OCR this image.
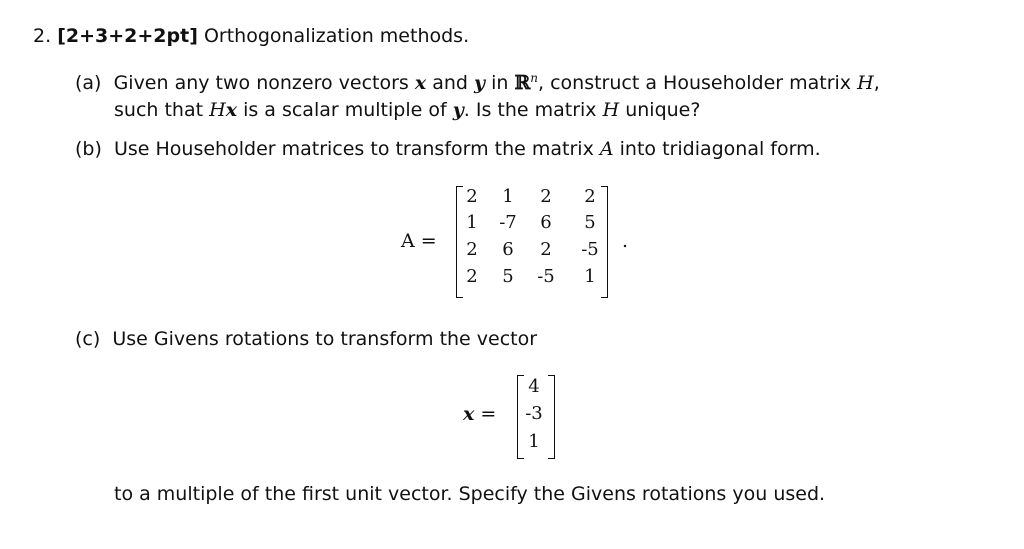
2. [2+3+2+2pt] Orthogonalization methods.
(a) Given any two nonzero vectors x and y in ℝ$^n$, construct a Householder matrix H,
such that Hx is a scalar multiple of y. Is the matrix H unique?
(b) Use Householder matrices to transform the matrix A into tridiagonal form.
A =
2	1	2	2
1	-7	6	5
2	6	2	-5
2	5	-5	1
.
(c) Use Givens rotations to transform the vector
x =
4
-3
1
to a multiple of the first unit vector. Specify the Givens rotations you used.
